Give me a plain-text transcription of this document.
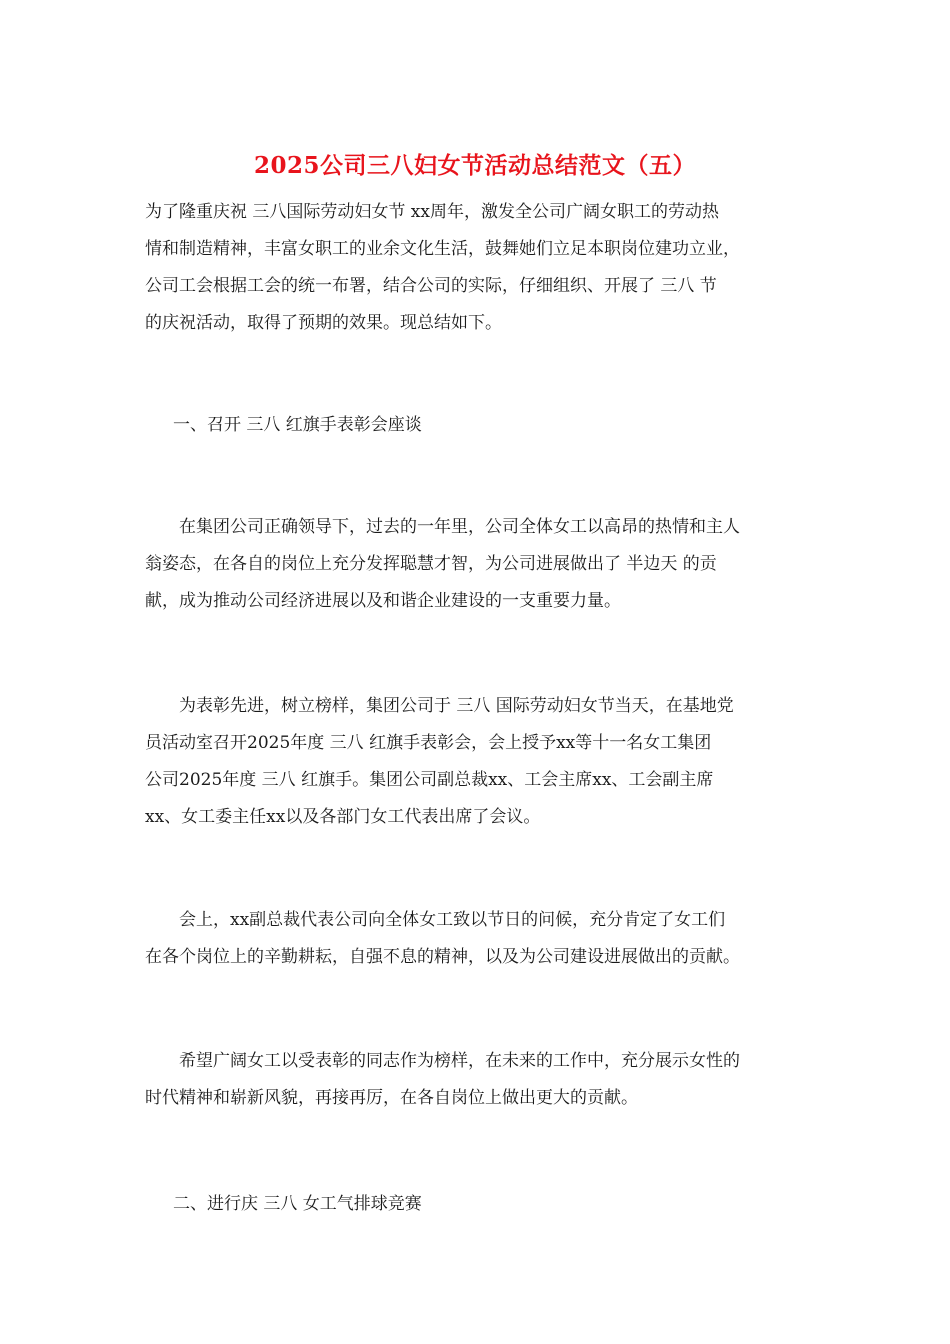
2025公司三八妇女节活动总结范文（五）

为了隆重庆祝 三八国际劳动妇女节 xx周年，激发全公司广阔女职工的劳动热
情和制造精神，丰富女职工的业余文化生活，鼓舞她们立足本职岗位建功立业，
公司工会根据工会的统一布署，结合公司的实际，仔细组织、开展了 三八 节
的庆祝活动，取得了预期的效果。现总结如下。

一、召开 三八 红旗手表彰会座谈

　　在集团公司正确领导下，过去的一年里，公司全体女工以高昂的热情和主人
翁姿态，在各自的岗位上充分发挥聪慧才智，为公司进展做出了 半边天 的贡
献，成为推动公司经济进展以及和谐企业建设的一支重要力量。

　　为表彰先进，树立榜样，集团公司于 三八 国际劳动妇女节当天，在基地党
员活动室召开2025年度 三八 红旗手表彰会，会上授予xx等十一名女工集团
公司2025年度 三八 红旗手。集团公司副总裁xx、工会主席xx、工会副主席
xx、女工委主任xx以及各部门女工代表出席了会议。

　　会上，xx副总裁代表公司向全体女工致以节日的问候，充分肯定了女工们
在各个岗位上的辛勤耕耘，自强不息的精神，以及为公司建设进展做出的贡献。

　　希望广阔女工以受表彰的同志作为榜样，在未来的工作中，充分展示女性的
时代精神和崭新风貌，再接再厉，在各自岗位上做出更大的贡献。

二、进行庆 三八 女工气排球竞赛
